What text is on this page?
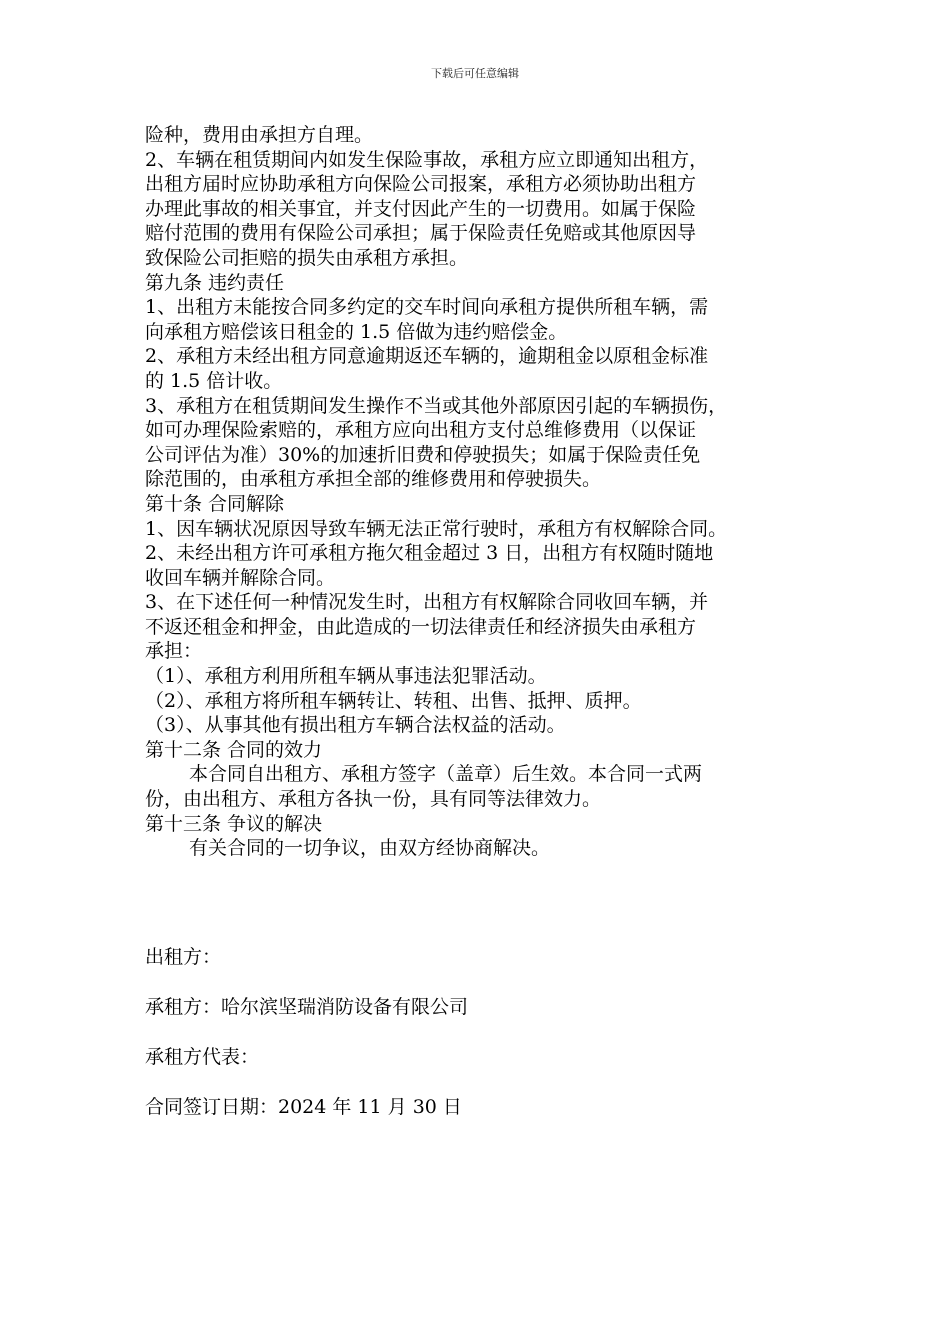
下载后可任意编辑
险种，费用由承担方自理。
2、车辆在租赁期间内如发生保险事故，承租方应立即通知出租方，
出租方届时应协助承租方向保险公司报案，承租方必须协助出租方
办理此事故的相关事宜，并支付因此产生的一切费用。如属于保险
赔付范围的费用有保险公司承担；属于保险责任免赔或其他原因导
致保险公司拒赔的损失由承租方承担。
第九条 违约责任
1、出租方未能按合同多约定的交车时间向承租方提供所租车辆，需
向承租方赔偿该日租金的 1.5 倍做为违约赔偿金。
2、承租方未经出租方同意逾期返还车辆的，逾期租金以原租金标准
的 1.5 倍计收。
3、承租方在租赁期间发生操作不当或其他外部原因引起的车辆损伤，
如可办理保险索赔的，承租方应向出租方支付总维修费用（以保证
公司评估为准）30%的加速折旧费和停驶损失；如属于保险责任免
除范围的，由承租方承担全部的维修费用和停驶损失。
第十条 合同解除
1、因车辆状况原因导致车辆无法正常行驶时，承租方有权解除合同。
2、未经出租方许可承租方拖欠租金超过 3 日，出租方有权随时随地
收回车辆并解除合同。
3、在下述任何一种情况发生时，出租方有权解除合同收回车辆，并
不返还租金和押金，由此造成的一切法律责任和经济损失由承租方
承担：
（1）、承租方利用所租车辆从事违法犯罪活动。
（2）、承租方将所租车辆转让、转租、出售、抵押、质押。
（3）、从事其他有损出租方车辆合法权益的活动。
第十二条 合同的效力
本合同自出租方、承租方签字（盖章）后生效。本合同一式两
份，由出租方、承租方各执一份，具有同等法律效力。
第十三条 争议的解决
有关合同的一切争议，由双方经协商解决。
出租方：
承租方：哈尔滨坚瑞消防设备有限公司
承租方代表：
合同签订日期：2024 年 11 月 30 日
